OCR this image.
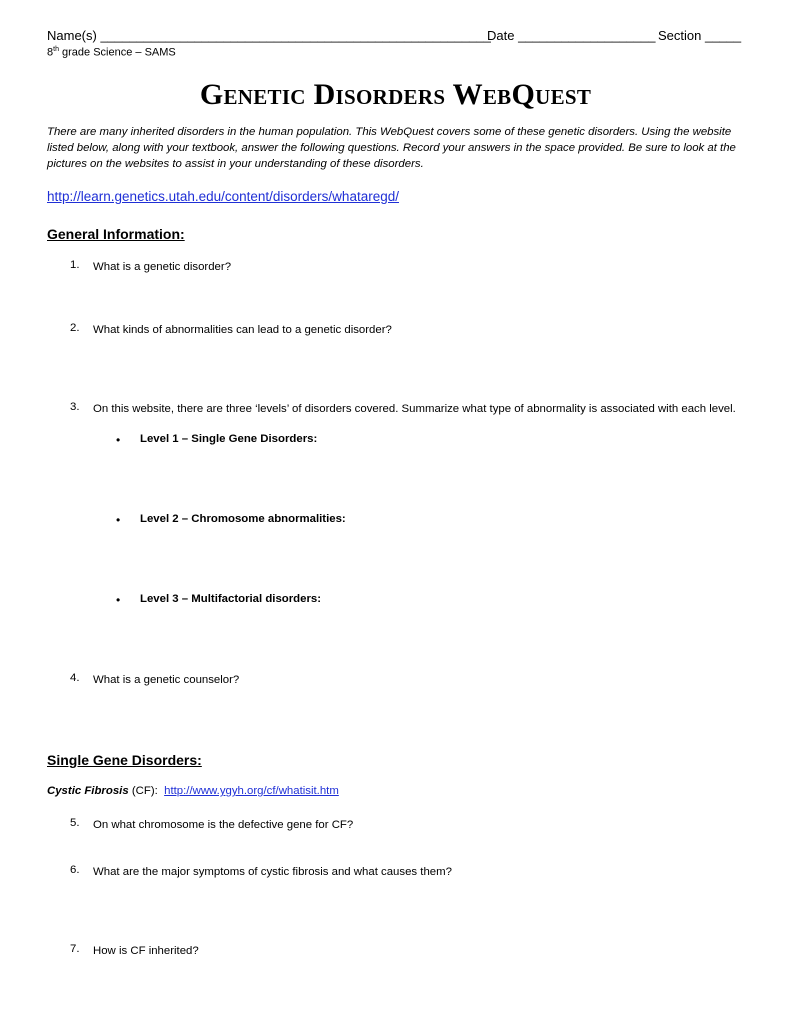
Name(s) ______________________________________________________
Date ___________________ Section _____
8th grade Science – SAMS
Genetic Disorders WebQuest
There are many inherited disorders in the human population. This WebQuest covers some of these genetic disorders. Using the website listed below, along with your textbook, answer the following questions. Record your answers in the space provided. Be sure to look at the pictures on the websites to assist in your understanding of these disorders.
http://learn.genetics.utah.edu/content/disorders/whataregd/
General Information:
1. What is a genetic disorder?
2. What kinds of abnormalities can lead to a genetic disorder?
3. On this website, there are three ‘levels’ of disorders covered. Summarize what type of abnormality is associated with each level.
• Level 1 – Single Gene Disorders:
• Level 2 – Chromosome abnormalities:
• Level 3 – Multifactorial disorders:
4. What is a genetic counselor?
Single Gene Disorders:
Cystic Fibrosis (CF):  http://www.ygyh.org/cf/whatisit.htm
5. On what chromosome is the defective gene for CF?
6. What are the major symptoms of cystic fibrosis and what causes them?
7. How is CF inherited?
